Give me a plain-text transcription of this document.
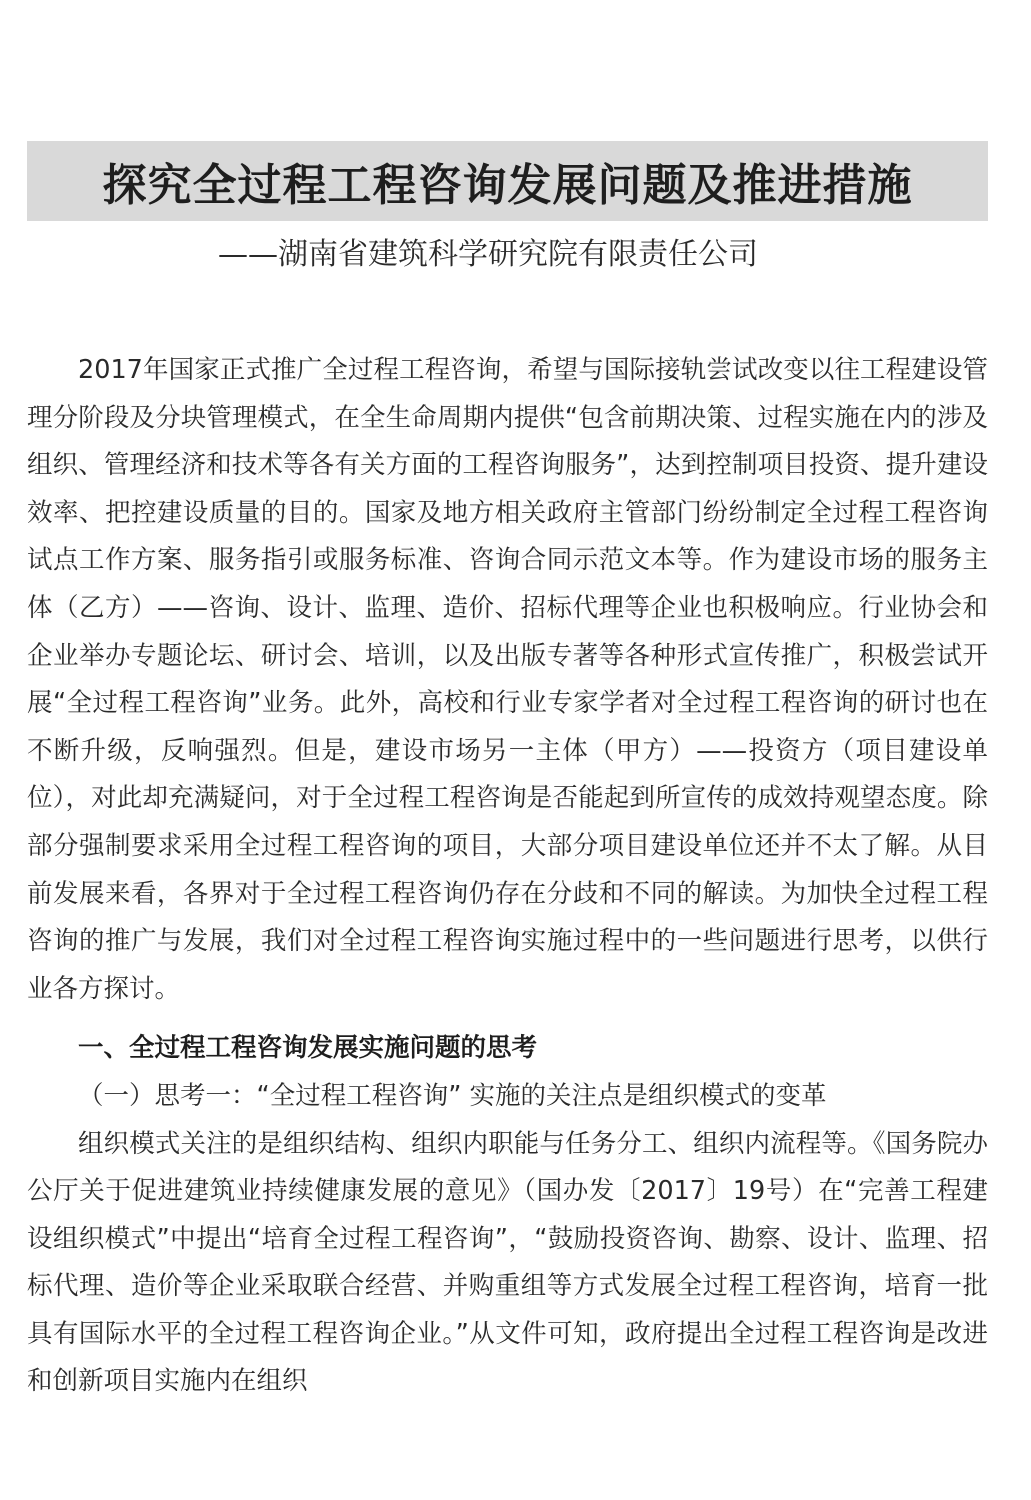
探究全过程工程咨询发展问题及推进措施
——湖南省建筑科学研究院有限责任公司

2017年国家正式推广全过程工程咨询，希望与国际接轨尝试改变以往工程建设管理分阶段及分块管理模式，在全生命周期内提供“包含前期决策、过程实施在内的涉及组织、管理经济和技术等各有关方面的工程咨询服务”，达到控制项目投资、提升建设效率、把控建设质量的目的。国家及地方相关政府主管部门纷纷制定全过程工程咨询试点工作方案、服务指引或服务标准、咨询合同示范文本等。作为建设市场的服务主体（乙方）——咨询、设计、监理、造价、招标代理等企业也积极响应。行业协会和企业举办专题论坛、研讨会、培训，以及出版专著等各种形式宣传推广，积极尝试开展“全过程工程咨询”业务。此外，高校和行业专家学者对全过程工程咨询的研讨也在不断升级，反响强烈。但是，建设市场另一主体（甲方）——投资方（项目建设单位），对此却充满疑问，对于全过程工程咨询是否能起到所宣传的成效持观望态度。除部分强制要求采用全过程工程咨询的项目，大部分项目建设单位还并不太了解。从目前发展来看，各界对于全过程工程咨询仍存在分歧和不同的解读。为加快全过程工程咨询的推广与发展，我们对全过程工程咨询实施过程中的一些问题进行思考，以供行业各方探讨。

一、全过程工程咨询发展实施问题的思考

（一）思考一：“全过程工程咨询” 实施的关注点是组织模式的变革

组织模式关注的是组织结构、组织内职能与任务分工、组织内流程等。《国务院办公厅关于促进建筑业持续健康发展的意见》（国办发〔2017〕19号）在“完善工程建设组织模式”中提出“培育全过程工程咨询”，“鼓励投资咨询、勘察、设计、监理、招标代理、造价等企业采取联合经营、并购重组等方式发展全过程工程咨询，培育一批具有国际水平的全过程工程咨询企业。”从文件可知，政府提出全过程工程咨询是改进和创新项目实施内在组织
